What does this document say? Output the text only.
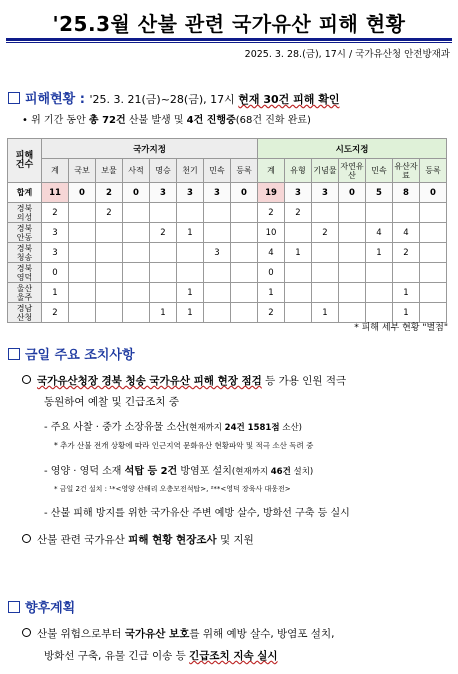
'25.3월 산불 관련 국가유산 피해 현황
2025. 3. 28.(금), 17시 / 국가유산청 안전방재과
피해현황 : '25. 3. 21(금)~28(금), 17시 현재 30건 피해 확인
• 위 기간 동안 총 72건 산불 발생 및 4건 진행중(68건 진화 완료)
피해
건수	국가지정								시도지정						
	계	국보	보물	사적	명승	천기	민속	등록	계	유형	기념물	자연유산	민속	유산자료	등록
합계	11	0	2	0	3	3	3	0	19	3	3	0	5	8	0
경북
의성	2		2						2	2					
경북
안동	3				2	1			10		2		4	4	
경북
청송	3						3		4	1			1	2	
경북
영덕	0								0						
울산
울주	1					1			1					1	
경남
산청	2				1	1			2		1			1	
* 피해 세부 현황 "별첨"
금일 주요 조치사항
국가유산청장 경북 청송 국가유산 피해 현장 점검 등 가용 인원 적극
동원하여 예찰 및 긴급조치 중
- 주요 사찰 · 중가 소장유물 소산(현재까지 24건 1581점 소산)
* 추가 산불 전개 상황에 따라 인근지역 문화유산 현황파악 및 적극 소산 독려 중
- 영양 · 영덕 소재 석탑 등 2건 방염포 설치(현재까지 46건 설치)
* 금일 2건 설치 : ¹*<영양 산해리 오층모전석탑>, ²**<영덕 장육사 대웅전>
- 산불 피해 방지를 위한 국가유산 주변 예방 살수, 방화선 구축 등 실시
산불 관련 국가유산 피해 현황 현장조사 및 지원
향후계획
산불 위험으로부터 국가유산 보호를 위해 예방 살수, 방염포 설치,
방화선 구축, 유물 긴급 이송 등 긴급조치 지속 실시
